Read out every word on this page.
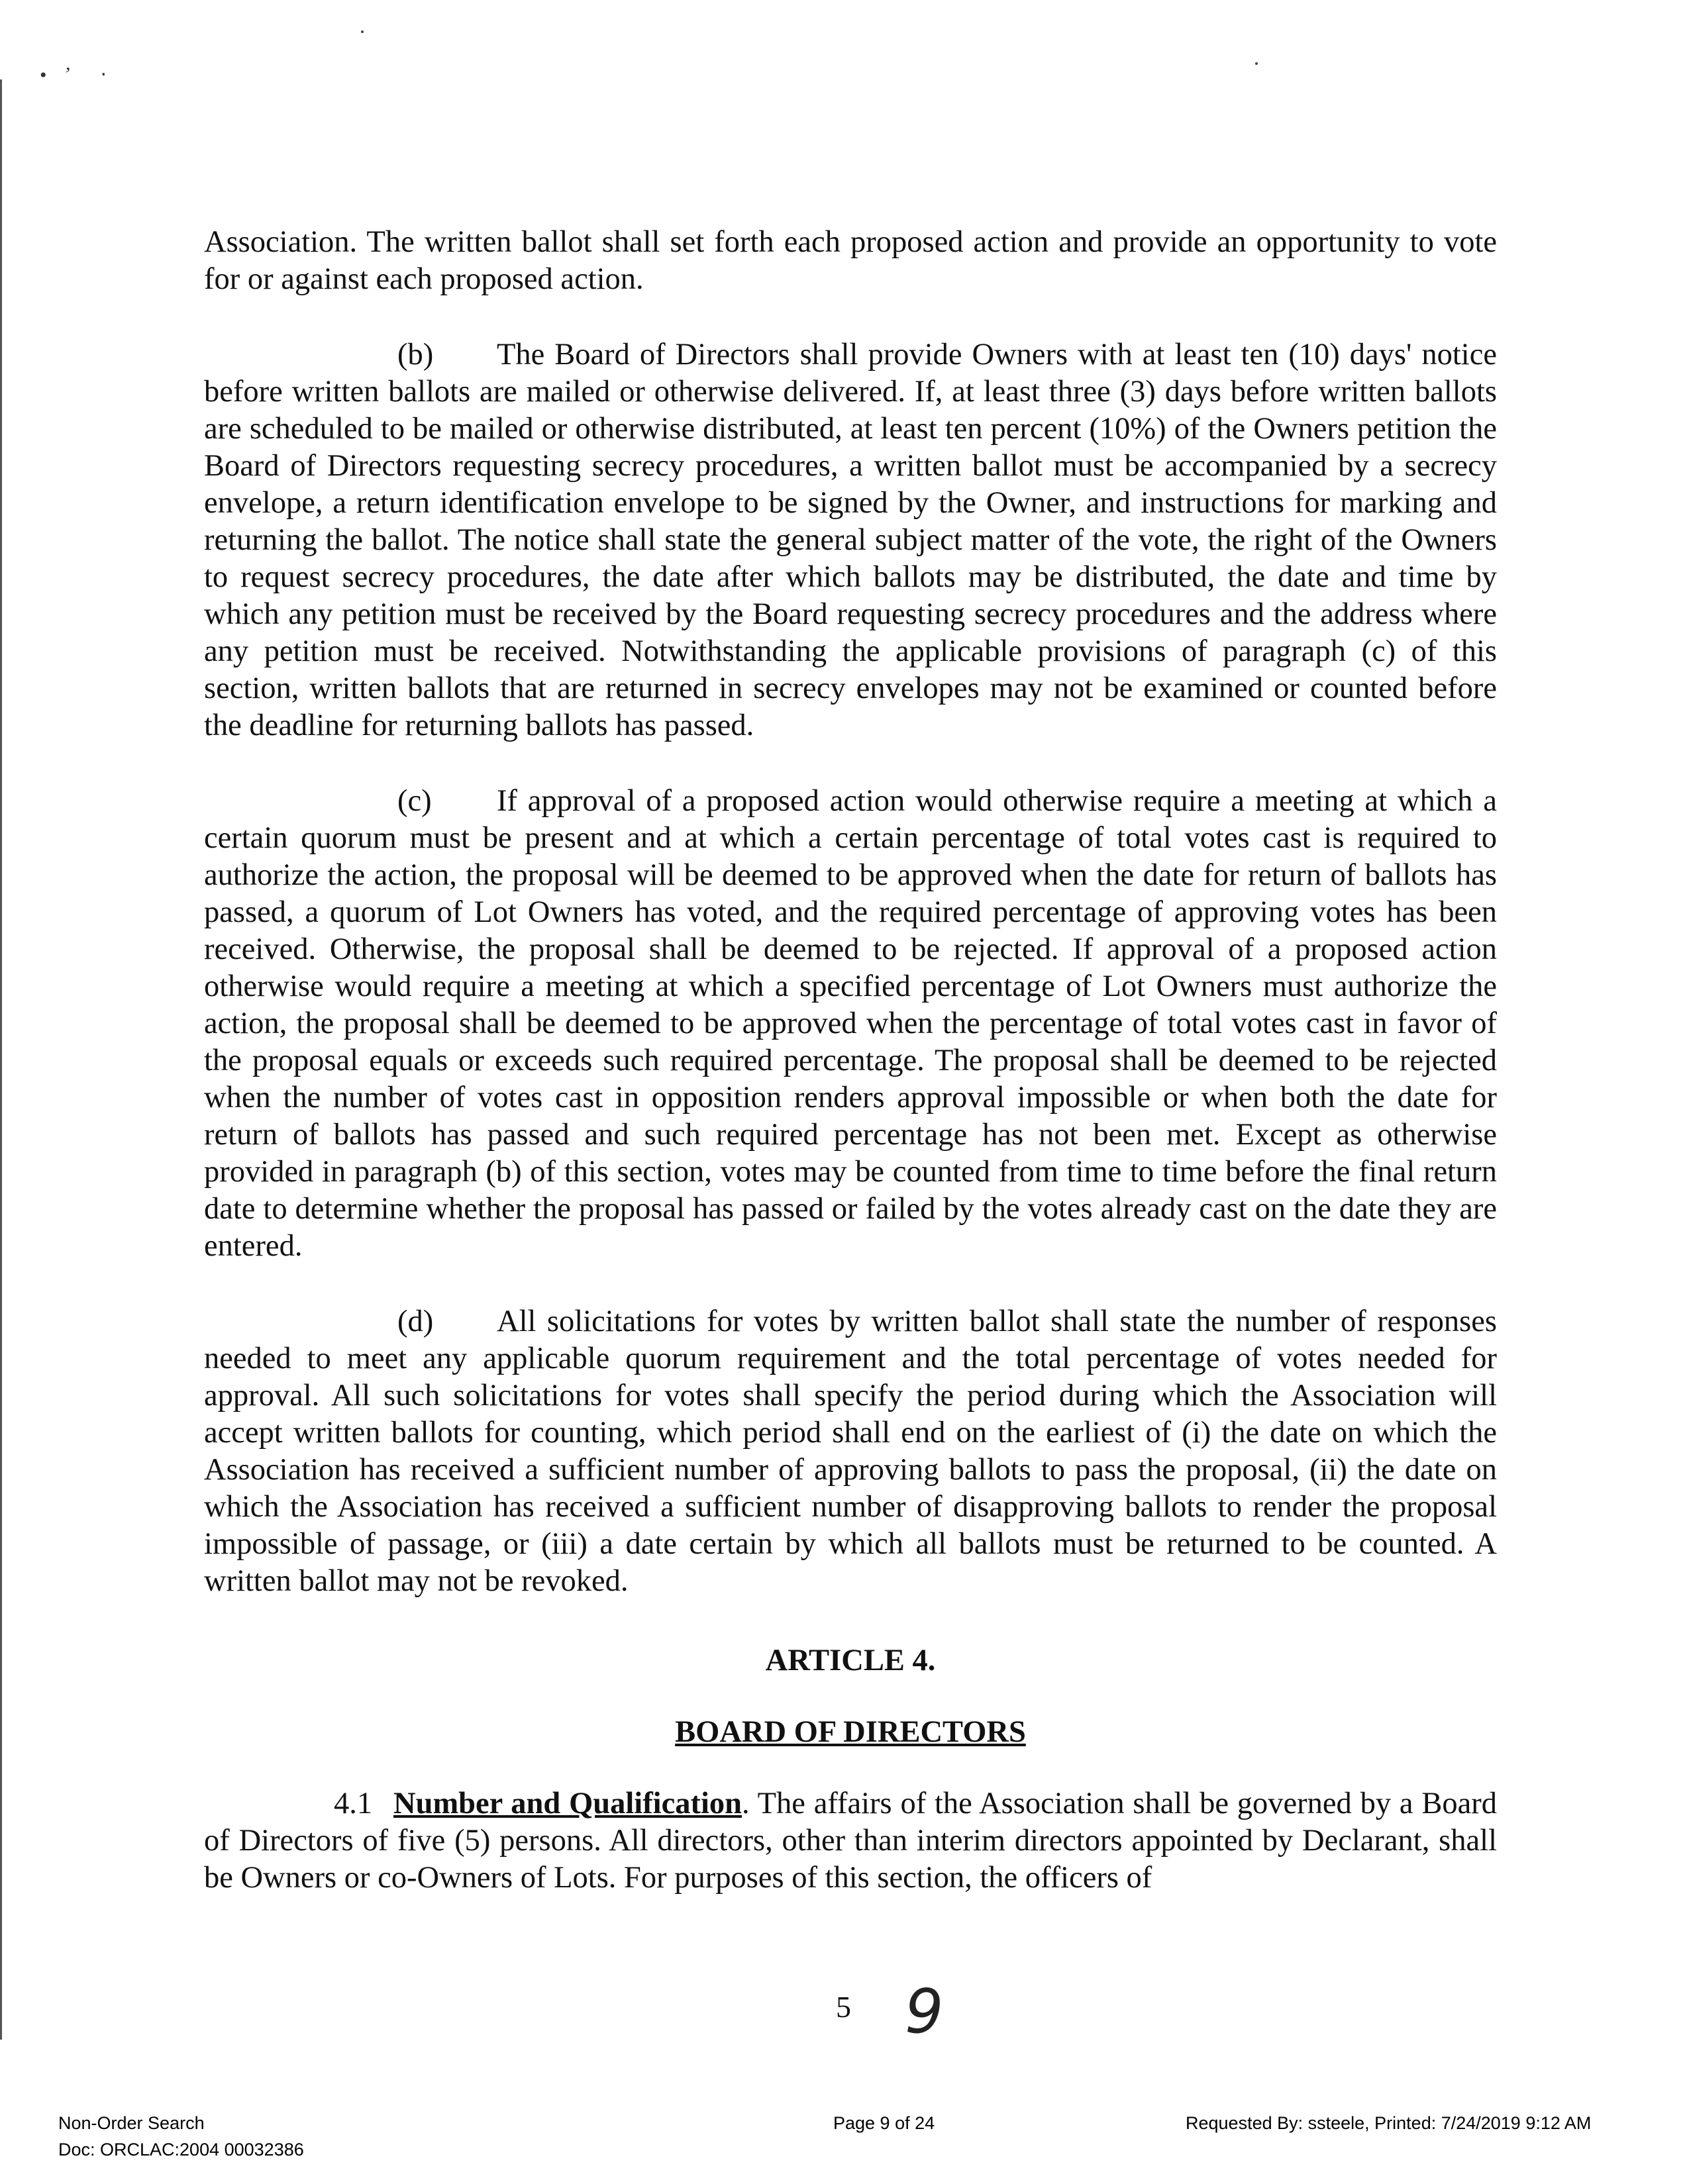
• ̛ ‧

Association. The written ballot shall set forth each proposed action and provide an opportunity to vote for or against each proposed action.

(b) The Board of Directors shall provide Owners with at least ten (10) days' notice before written ballots are mailed or otherwise delivered. If, at least three (3) days before written ballots are scheduled to be mailed or otherwise distributed, at least ten percent (10%) of the Owners petition the Board of Directors requesting secrecy procedures, a written ballot must be accompanied by a secrecy envelope, a return identification envelope to be signed by the Owner, and instructions for marking and returning the ballot. The notice shall state the general subject matter of the vote, the right of the Owners to request secrecy procedures, the date after which ballots may be distributed, the date and time by which any petition must be received by the Board requesting secrecy procedures and the address where any petition must be received. Notwithstanding the applicable provisions of paragraph (c) of this section, written ballots that are returned in secrecy envelopes may not be examined or counted before the deadline for returning ballots has passed.

(c) If approval of a proposed action would otherwise require a meeting at which a certain quorum must be present and at which a certain percentage of total votes cast is required to authorize the action, the proposal will be deemed to be approved when the date for return of ballots has passed, a quorum of Lot Owners has voted, and the required percentage of approving votes has been received. Otherwise, the proposal shall be deemed to be rejected. If approval of a proposed action otherwise would require a meeting at which a specified percentage of Lot Owners must authorize the action, the proposal shall be deemed to be approved when the percentage of total votes cast in favor of the proposal equals or exceeds such required percentage. The proposal shall be deemed to be rejected when the number of votes cast in opposition renders approval impossible or when both the date for return of ballots has passed and such required percentage has not been met. Except as otherwise provided in paragraph (b) of this section, votes may be counted from time to time before the final return date to determine whether the proposal has passed or failed by the votes already cast on the date they are entered.

(d) All solicitations for votes by written ballot shall state the number of responses needed to meet any applicable quorum requirement and the total percentage of votes needed for approval. All such solicitations for votes shall specify the period during which the Association will accept written ballots for counting, which period shall end on the earliest of (i) the date on which the Association has received a sufficient number of approving ballots to pass the proposal, (ii) the date on which the Association has received a sufficient number of disapproving ballots to render the proposal impossible of passage, or (iii) a date certain by which all ballots must be returned to be counted. A written ballot may not be revoked.

ARTICLE 4.
BOARD OF DIRECTORS

4.1 Number and Qualification. The affairs of the Association shall be governed by a Board of Directors of five (5) persons. All directors, other than interim directors appointed by Declarant, shall be Owners or co-Owners of Lots. For purposes of this section, the officers of

5 9
Non-Order Search
Doc: ORCLAC:2004 00032386
Page 9 of 24	Requested By: ssteele, Printed: 7/24/2019 9:12 AM
